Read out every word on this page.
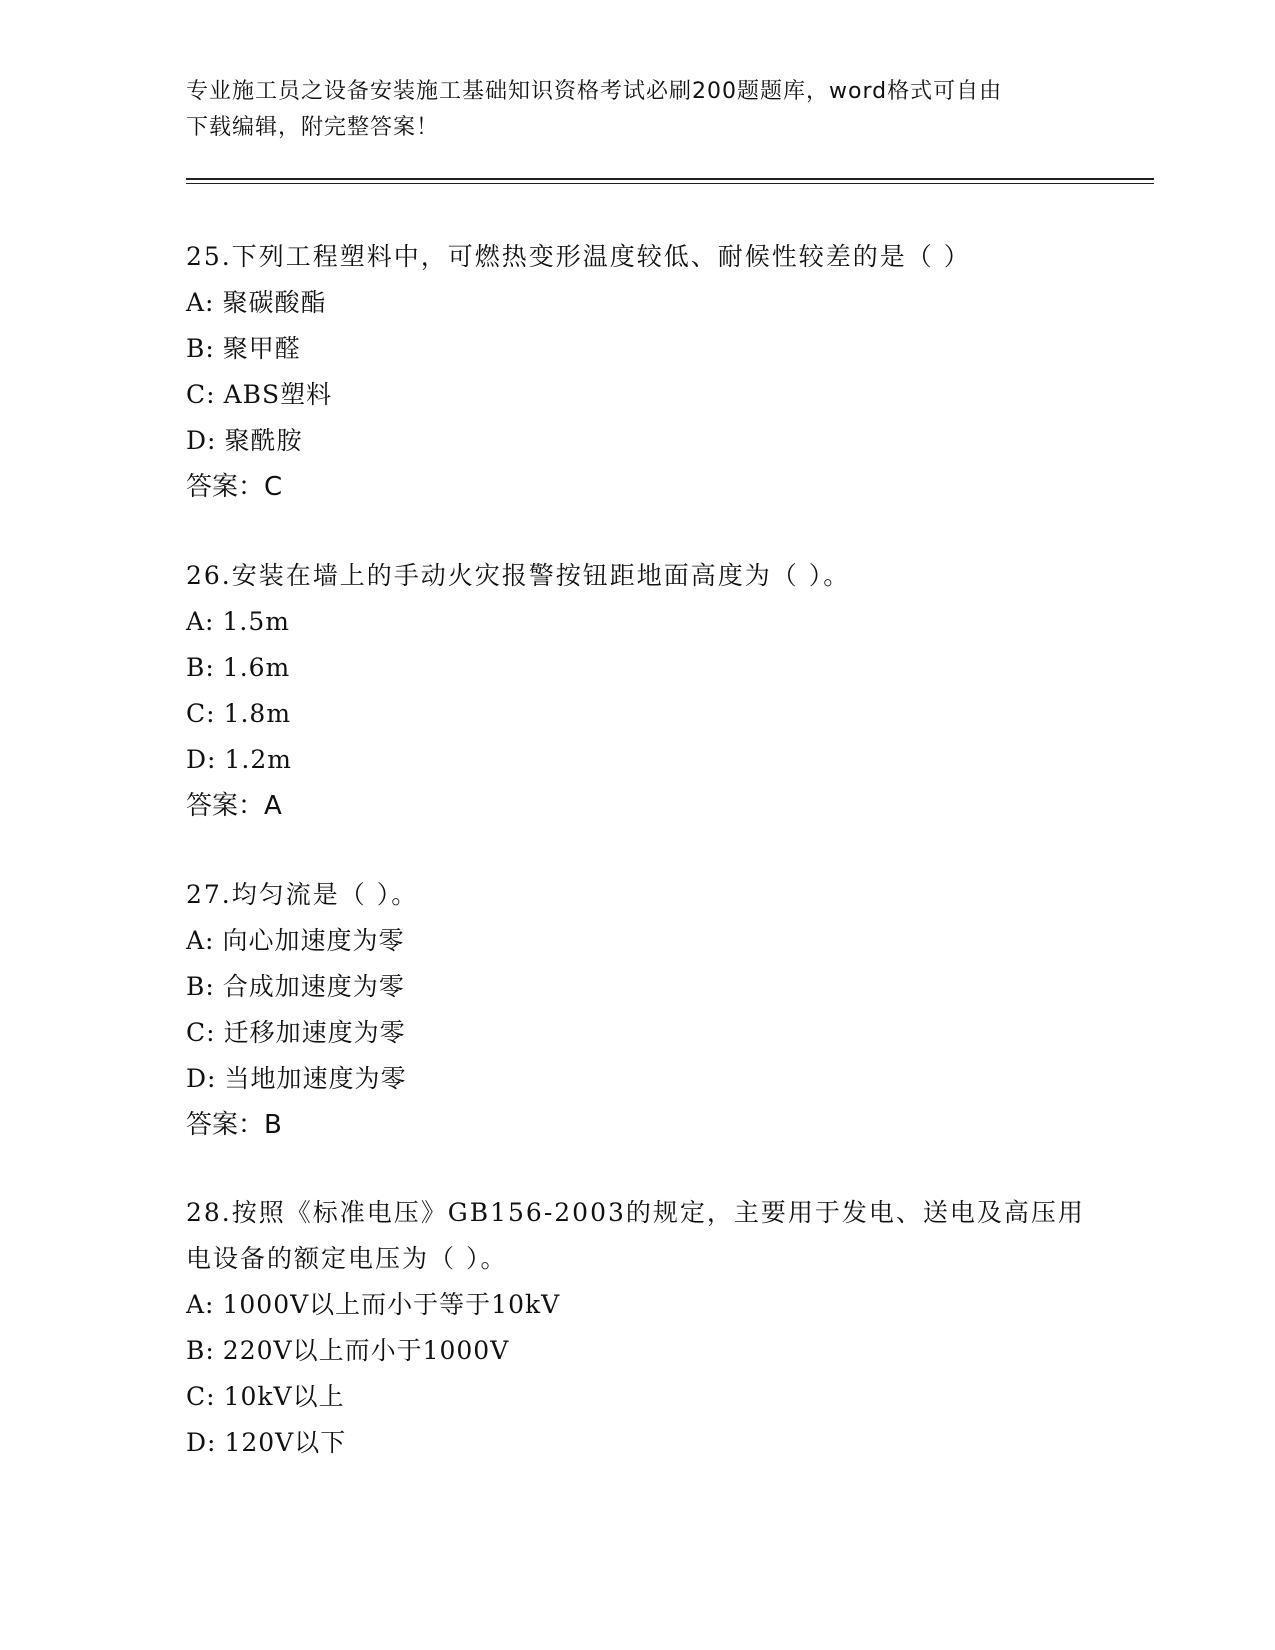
专业施工员之设备安装施工基础知识资格考试必刷200题题库，word格式可自由
下载编辑，附完整答案！

25.下列工程塑料中，可燃热变形温度较低、耐候性较差的是（ ）

A: 聚碳酸酯

B: 聚甲醛

C: ABS塑料

D: 聚酰胺

答案：C

26.安装在墙上的手动火灾报警按钮距地面高度为（ ）。

A: 1.5m

B: 1.6m

C: 1.8m

D: 1.2m

答案：A

27.均匀流是（ ）。

A: 向心加速度为零

B: 合成加速度为零

C: 迁移加速度为零

D: 当地加速度为零

答案：B

28.按照《标准电压》GB156-2003的规定，主要用于发电、送电及高压用电设备的额定电压为（ ）。

A: 1000V以上而小于等于10kV

B: 220V以上而小于1000V

C: 10kV以上

D: 120V以下
